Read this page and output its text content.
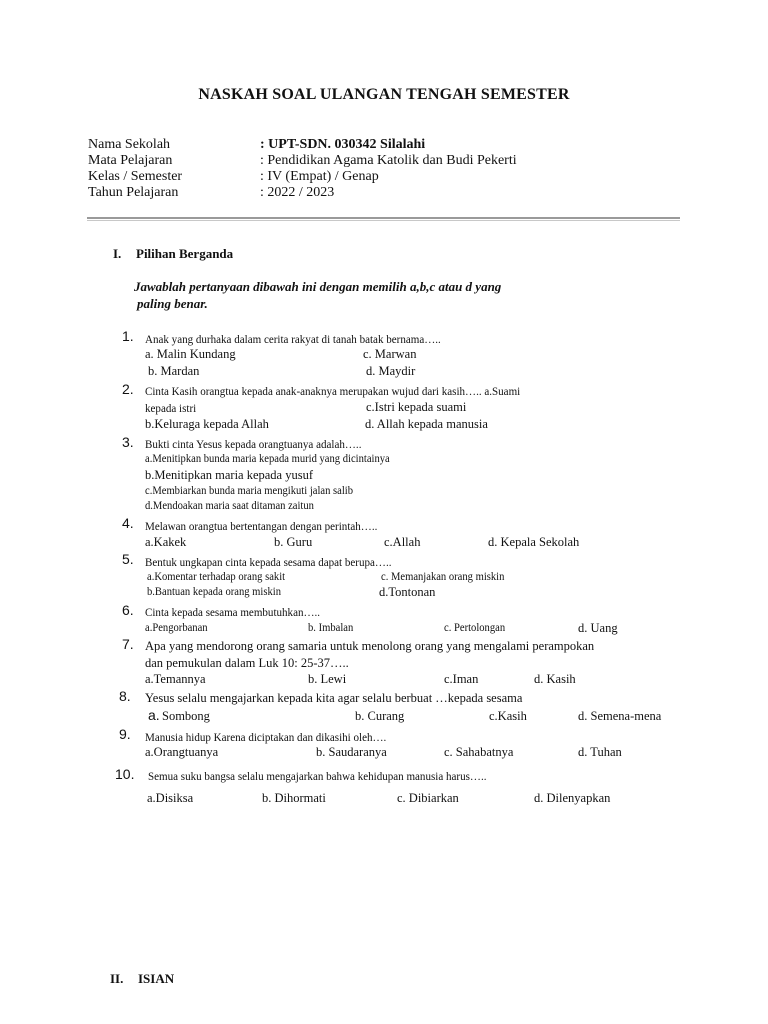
NASKAH SOAL ULANGAN TENGAH SEMESTER
Nama Sekolah	: UPT-SDN. 030342 Silalahi
Mata Pelajaran	: Pendidikan Agama Katolik dan Budi Pekerti
Kelas / Semester	: IV (Empat) / Genap
Tahun Pelajaran	: 2022 / 2023
I. Pilihan Berganda
Jawablah pertanyaan dibawah ini dengan memilih a,b,c atau d yang
paling benar.
1. Anak yang durhaka dalam cerita rakyat di tanah batak bernama…..
a. Malin Kundang	c. Marwan
b. Mardan	d. Maydir
2. Cinta Kasih orangtua kepada anak-anaknya merupakan wujud dari kasih….. a.Suami
kepada istri	c.Istri kepada suami
b.Keluraga kepada Allah	d. Allah kepada manusia
3. Bukti cinta Yesus kepada orangtuanya adalah…..
a.Menitipkan bunda maria kepada murid yang dicintainya
b.Menitipkan maria kepada yusuf
c.Membiarkan bunda maria mengikuti jalan salib
d.Mendoakan maria saat ditaman zaitun
4. Melawan orangtua bertentangan dengan perintah…..
a.Kakek	b. Guru	c.Allah	d. Kepala Sekolah
5. Bentuk ungkapan cinta kepada sesama dapat berupa…..
a.Komentar terhadap orang sakit	c. Memanjakan orang miskin
b.Bantuan kepada orang miskin	d.Tontonan
6. Cinta kepada sesama membutuhkan…..
a.Pengorbanan	b. Imbalan	c. Pertolongan	d. Uang
7. Apa yang mendorong orang samaria untuk menolong orang yang mengalami perampokan
dan pemukulan dalam Luk 10: 25-37…..
a.Temannya	b. Lewi	c.Iman	d. Kasih
8. Yesus selalu mengajarkan kepada kita agar selalu berbuat …kepada sesama
a. Sombong	b. Curang	c.Kasih	d. Semena-mena
9. Manusia hidup Karena diciptakan dan dikasihi oleh….
a.Orangtuanya	b. Saudaranya	c. Sahabatnya	d. Tuhan
10. Semua suku bangsa selalu mengajarkan bahwa kehidupan manusia harus…..
a.Disiksa	b. Dihormati	c. Dibiarkan	d. Dilenyapkan
II. ISIAN
